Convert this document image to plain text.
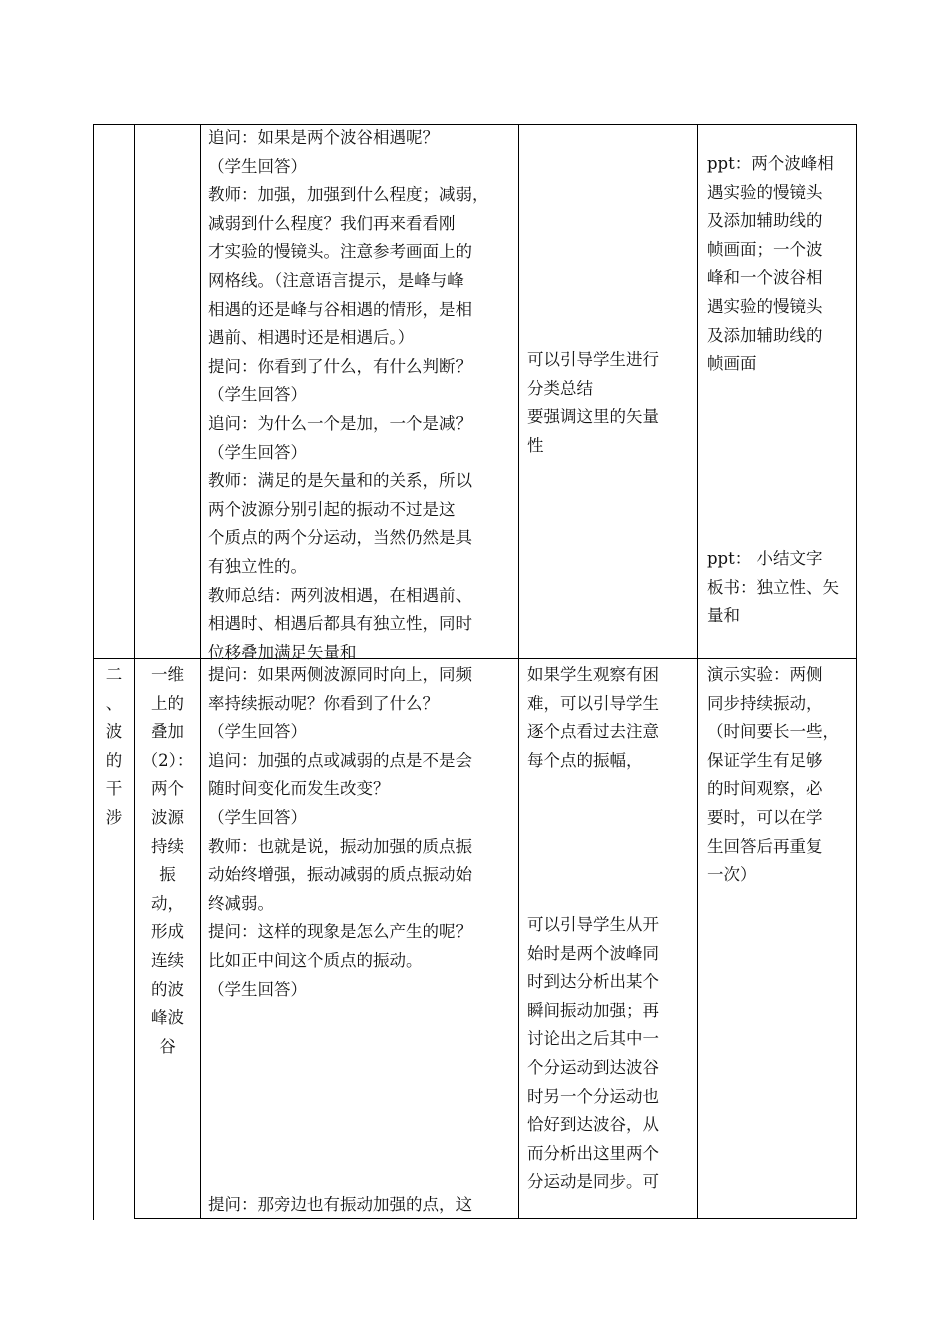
追问：如果是两个波谷相遇呢？
（学生回答）
教师：加强，加强到什么程度；减弱，
减弱到什么程度？我们再来看看刚
才实验的慢镜头。注意参考画面上的
网格线。（注意语言提示，是峰与峰
相遇的还是峰与谷相遇的情形，是相
遇前、相遇时还是相遇后。）
提问：你看到了什么，有什么判断？
（学生回答）
追问：为什么一个是加，一个是减？
（学生回答）
教师：满足的是矢量和的关系，所以
两个波源分别引起的振动不过是这
个质点的两个分运动，当然仍然是具
有独立性的。
教师总结：两列波相遇，在相遇前、
相遇时、相遇后都具有独立性，同时
位移叠加满足矢量和
可以引导学生进行
分类总结
要强调这里的矢量
性
ppt：两个波峰相
遇实验的慢镜头
及添加辅助线的
帧画面；一个波
峰和一个波谷相
遇实验的慢镜头
及添加辅助线的
帧画面
ppt： 小结文字
板书：独立性、矢
量和
二
、
波
的
干
涉
一维
上的
叠加
（2）：
两个
波源
持续
振
动，
形成
连续
的波
峰波
谷
提问：如果两侧波源同时向上，同频
率持续振动呢？你看到了什么？
（学生回答）
追问：加强的点或减弱的点是不是会
随时间变化而发生改变？
（学生回答）
教师：也就是说，振动加强的质点振
动始终增强，振动减弱的质点振动始
终减弱。
提问：这样的现象是怎么产生的呢？
比如正中间这个质点的振动。
（学生回答）
提问：那旁边也有振动加强的点，这
如果学生观察有困
难，可以引导学生
逐个点看过去注意
每个点的振幅，
可以引导学生从开
始时是两个波峰同
时到达分析出某个
瞬间振动加强；再
讨论出之后其中一
个分运动到达波谷
时另一个分运动也
恰好到达波谷，从
而分析出这里两个
分运动是同步。可
演示实验：两侧
同步持续振动，
（时间要长一些，
保证学生有足够
的时间观察，必
要时，可以在学
生回答后再重复
一次）
